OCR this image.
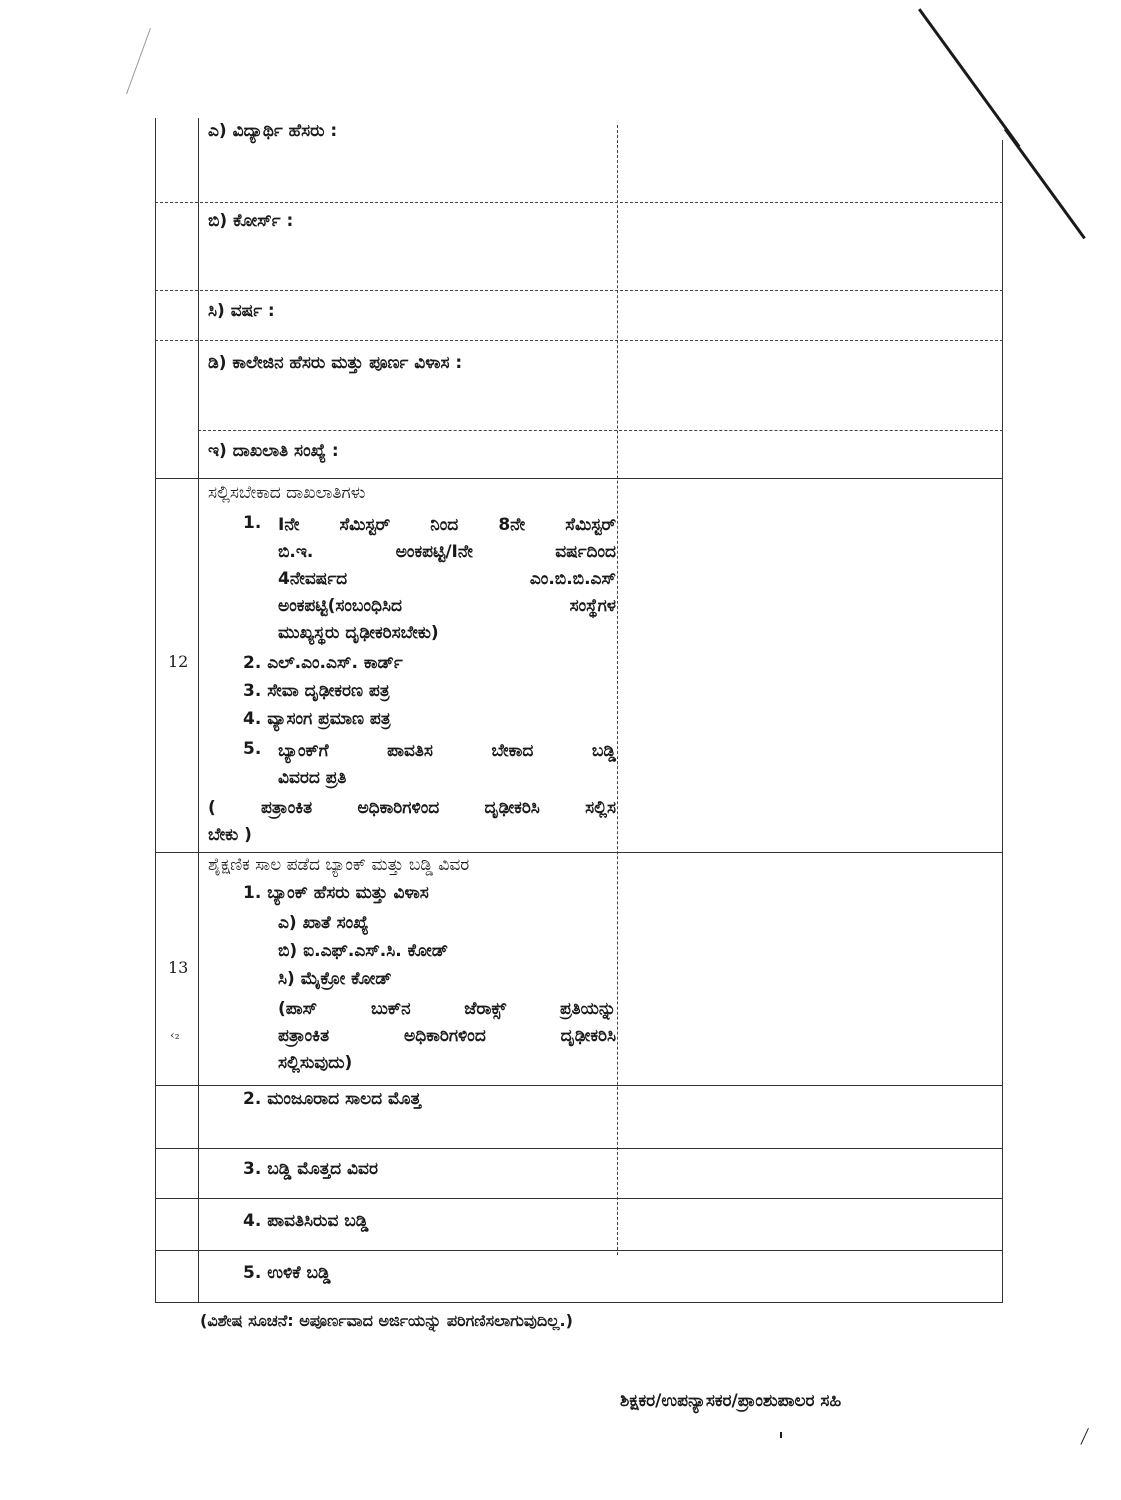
ಎ) ವಿದ್ಯಾರ್ಥಿ ಹೆಸರು :
ಬಿ) ಕೋರ್ಸ್ :
ಸಿ) ವರ್ಷ :
ಡಿ) ಕಾಲೇಜಿನ ಹೆಸರು ಮತ್ತು ಪೂರ್ಣ ವಿಳಾಸ :
ಇ) ದಾಖಲಾತಿ ಸಂಖ್ಯೆ :
12
ಸಲ್ಲಿಸಬೇಕಾದ ದಾಖಲಾತಿಗಳು
1. Iನೇ ಸೆಮಿಸ್ಟರ್ ನಿಂದ 8ನೇ ಸೆಮಿಸ್ಟರ್
ಬಿ.ಇ. ಅಂಕಪಟ್ಟಿ/Iನೇ ವರ್ಷದಿಂದ
4ನೇವರ್ಷದ ಎಂ.ಬಿ.ಬಿ.ಎಸ್
ಅಂಕಪಟ್ಟಿ(ಸಂಬಂಧಿಸಿದ ಸಂಸ್ಥೆಗಳ
ಮುಖ್ಯಸ್ಥರು ದೃಢೀಕರಿಸಬೇಕು)
2. ಎಲ್.ಎಂ.ಎಸ್. ಕಾರ್ಡ್
3. ಸೇವಾ ದೃಢೀಕರಣ ಪತ್ರ
4. ವ್ಯಾಸಂಗ ಪ್ರಮಾಣ ಪತ್ರ
5. ಬ್ಯಾಂಕ್‌ಗೆ ಪಾವತಿಸ ಬೇಕಾದ ಬಡ್ಡಿ
ವಿವರದ ಪ್ರತಿ
( ಪತ್ರಾಂಕಿತ ಅಧಿಕಾರಿಗಳಿಂದ ದೃಢೀಕರಿಸಿ ಸಲ್ಲಿಸ
ಬೇಕು )
13
‹₂
ಶೈಕ್ಷಣಿಕ ಸಾಲ ಪಡೆದ ಬ್ಯಾಂಕ್ ಮತ್ತು ಬಡ್ಡಿ ವಿವರ
1. ಬ್ಯಾಂಕ್ ಹೆಸರು ಮತ್ತು ವಿಳಾಸ
ಎ) ಖಾತೆ ಸಂಖ್ಯೆ
ಬಿ) ಐ.ಎಫ್.ಎಸ್.ಸಿ. ಕೋಡ್
ಸಿ) ಮೈಕ್ರೋ ಕೋಡ್
(ಪಾಸ್ ಬುಕ್‌ನ ಜೆರಾಕ್ಸ್ ಪ್ರತಿಯನ್ನು
ಪತ್ರಾಂಕಿತ ಅಧಿಕಾರಿಗಳಿಂದ ದೃಢೀಕರಿಸಿ
ಸಲ್ಲಿಸುವುದು)
2. ಮಂಜೂರಾದ ಸಾಲದ ಮೊತ್ತ
3. ಬಡ್ಡಿ ಮೊತ್ತದ ವಿವರ
4. ಪಾವತಿಸಿರುವ ಬಡ್ಡಿ
5. ಉಳಿಕೆ ಬಡ್ಡಿ
(ವಿಶೇಷ ಸೂಚನೆ: ಅಪೂರ್ಣವಾದ ಅರ್ಜಿಯನ್ನು ಪರಿಗಣಿಸಲಾಗುವುದಿಲ್ಲ.)
ಶಿಕ್ಷಕರ/ಉಪನ್ಯಾಸಕರ/ಪ್ರಾಂಶುಪಾಲರ ಸಹಿ
